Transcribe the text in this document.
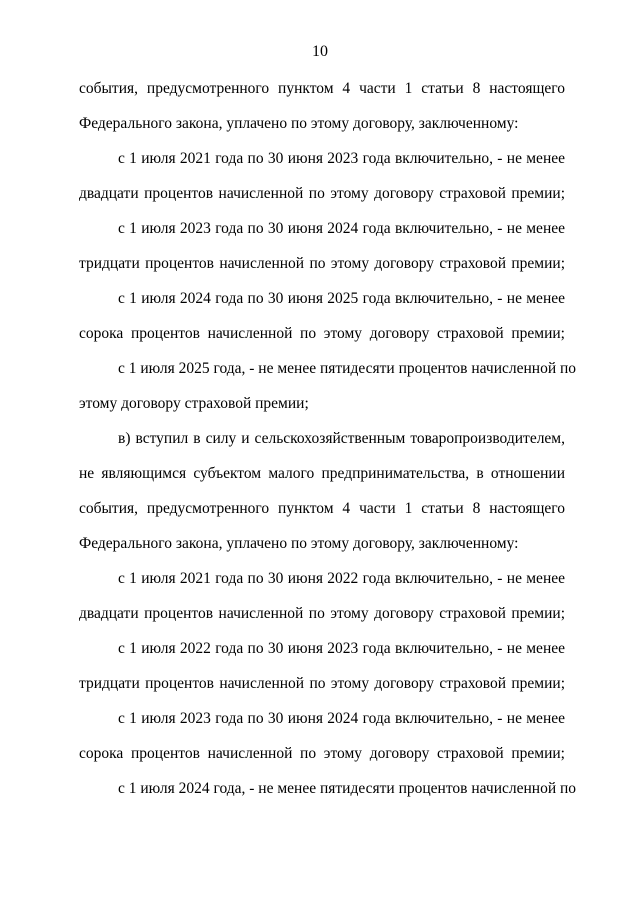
10
события, предусмотренного пунктом 4 части 1 статьи 8 настоящего
Федерального закона, уплачено по этому договору, заключенному:
с 1 июля 2021 года по 30 июня 2023 года включительно, - не менее
двадцати процентов начисленной по этому договору страховой премии;
с 1 июля 2023 года по 30 июня 2024 года включительно, - не менее
тридцати процентов начисленной по этому договору страховой премии;
с 1 июля 2024 года по 30 июня 2025 года включительно, - не менее
сорока процентов начисленной по этому договору страховой премии;
с 1 июля 2025 года, - не менее пятидесяти процентов начисленной по
этому договору страховой премии;
в) вступил в силу и сельскохозяйственным товаропроизводителем,
не являющимся субъектом малого предпринимательства, в отношении
события, предусмотренного пунктом 4 части 1 статьи 8 настоящего
Федерального закона, уплачено по этому договору, заключенному:
с 1 июля 2021 года по 30 июня 2022 года включительно, - не менее
двадцати процентов начисленной по этому договору страховой премии;
с 1 июля 2022 года по 30 июня 2023 года включительно, - не менее
тридцати процентов начисленной по этому договору страховой премии;
с 1 июля 2023 года по 30 июня 2024 года включительно, - не менее
сорока процентов начисленной по этому договору страховой премии;
с 1 июля 2024 года, - не менее пятидесяти процентов начисленной по
